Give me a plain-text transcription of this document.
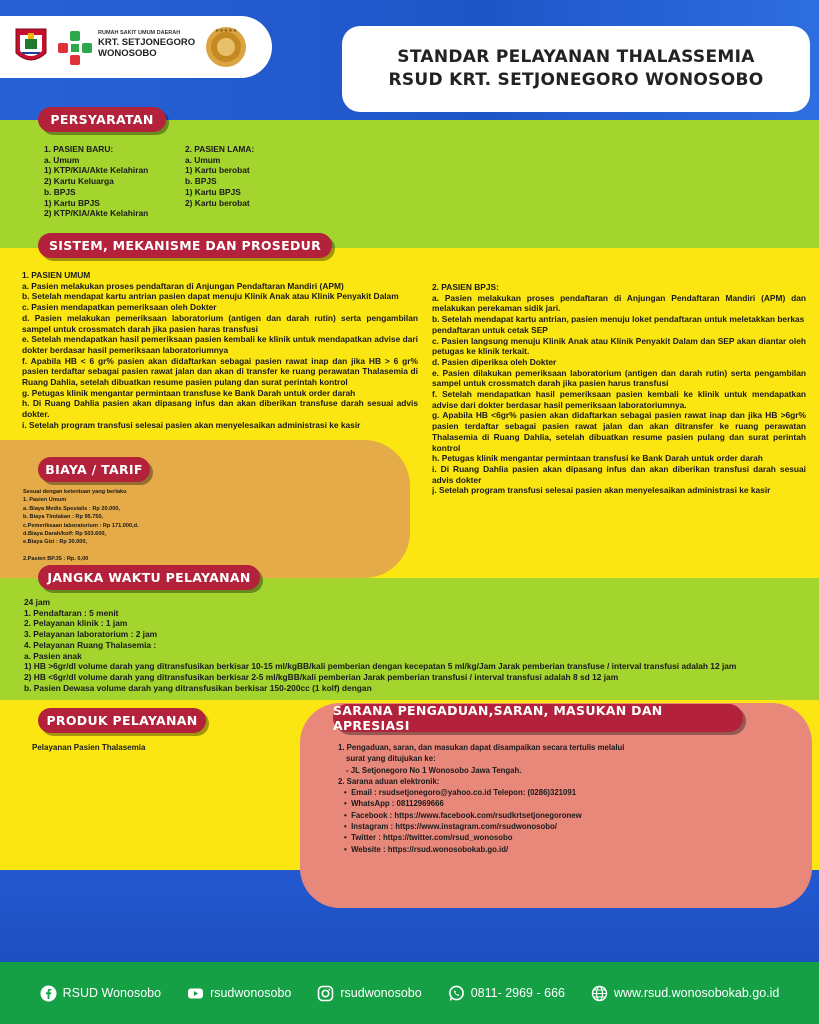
RUMAH SAKIT UMUM DAERAH
KRT. SETJONEGORO
WONOSOBO
★★★★★
STANDAR PELAYANAN THALASSEMIA
RSUD KRT. SETJONEGORO WONOSOBO
PERSYARATAN

1. PASIEN BARU:

a. Umum

1) KTP/KIA/Akte Kelahiran

2) Kartu Keluarga

b. BPJS

1) Kartu BPJS

2) KTP/KIA/Akte Kelahiran

2. PASIEN LAMA:

a. Umum

1) Kartu berobat

b. BPJS

1) Kartu BPJS

2) Kartu berobat

SISTEM, MEKANISME DAN PROSEDUR

1. PASIEN UMUM

a. Pasien melakukan proses pendaftaran di Anjungan Pendaftaran Mandiri (APM)

b. Setelah mendapat kartu antrian pasien dapat menuju Klinik Anak atau Klinik Penyakit Dalam

c. Pasien mendapatkan pemeriksaan oleh Dokter

d. Pasien melakukan pemeriksaan laboratorium (antigen dan darah rutin) serta pengambilan sampel untuk crossmatch darah jika pasien haras transfusi

e. Setelah mendapatkan hasil pemeriksaan pasien kembali ke klinik untuk mendapatkan advise dari dokter berdasar hasil pemeriksaan laboratoriumnya

f. Apabila HB < 6 gr% pasien akan didaftarkan sebagai pasien rawat inap dan jika HB > 6 gr% pasien terdaftar sebagai pasien rawat jalan dan akan di transfer ke ruang perawatan Thalasemia di Ruang Dahlia, setelah dibuatkan resume pasien pulang dan surat perintah kontrol

g. Petugas klinik mengantar permintaan transfuse ke Bank Darah untuk order darah

h. Di Ruang Dahlia pasien akan dipasang infus dan akan diberikan transfuse darah sesuai advis dokter.

i. Setelah program transfusi selesai pasien akan menyelesaikan administrasi ke kasir

2. PASIEN BPJS:

a. Pasien melakukan proses pendaftaran di Anjungan Pendaftaran Mandiri (APM) dan melakukan perekaman sidik jari.

b. Setelah mendapat kartu antrian, pasien menuju loket pendaftaran untuk meletakkan berkas

pendaftaran untuk cetak SEP

c. Pasien langsung menuju Klinik Anak atau Klinik Penyakit Dalam dan SEP akan diantar oleh petugas ke klinik terkait.

d. Pasien diperiksa oleh Dokter

e. Pasien dilakukan pemeriksaan laboratorium (antigen dan darah rutin) serta pengambilan sampel untuk crossmatch darah jika pasien harus transfusi

f. Setelah mendapatkan hasil pemeriksaan pasien kembali ke klinik untuk mendapatkan advise dari dokter berdasar hasil pemeriksaan laboratoriumnya.

g. Apabila HB <6gr% pasien akan didaftarkan sebagai pasien rawat inap dan jika HB >6gr% pasien terdaftar sebagai pasien rawat jalan dan akan ditransfer ke ruang perawatan Thalasemia di Ruang Dahlia, setelah dibuatkan resume pasien pulang dan surat perintah kontrol

h. Petugas klinik mengantar permintaan transfusi ke Bank Darah untuk order darah

i. Di Ruang Dahlia pasien akan dipasang infus dan akan diberikan transfusi darah sesuai advis dokter

j. Setelah program transfusi selesai pasien akan menyelesaikan administrasi ke kasir

BIAYA / TARIF

Sesuai dengan ketentuan yang berlaku

1. Pasien Umum

a. Biaya Medis Spesialis : Rp 20.000,

b. Biaya Tindakan : Rp 95.750,

c.Pemeriksaan laboratorium : Rp 171.000,d.

d.Biaya Darah/kolf: Rp 503.600,

e.Biaya Gizi : Rp 30.000,

2.Pasien BPJS : Rp. 0,00

JANGKA WAKTU PELAYANAN

24 jam

1. Pendaftaran : 5 menit

2. Pelayanan klinik : 1 jam

3. Pelayanan laboratorium : 2 jam

4. Pelayanan Ruang Thalasemia :

a. Pasien anak

1) HB >6gr/dl volume darah yang ditransfusikan berkisar 10-15 ml/kgBB/kali pemberian dengan kecepatan 5 ml/kg/Jam Jarak pemberian transfuse / interval transfusi adalah 12 jam

2) HB <6gr/dl volume darah yang ditransfusikan berkisar 2-5 ml/kgBB/kali pemberian Jarak pemberian transfusi / interval transfusi adalah 8 sd 12 jam

b. Pasien Dewasa volume darah yang ditransfusikan berkisar 150-200cc (1 kolf) dengan

PRODUK PELAYANAN
Pelayanan Pasien Thalasemia
SARANA PENGADUAN,SARAN, MASUKAN DAN APRESIASI

1. Pengaduan, saran, dan masukan dapat disampaikan secara tertulis melalui

surat yang ditujukan ke:

- JL Setjonegoro No 1 Wonosobo Jawa Tengah.

2. Sarana aduan elektronik:

•  Email : rsudsetjonegoro@yahoo.co.id Telepon: (0286)321091

•  WhatsApp : 08112969666

•  Facebook : https://www.facebook.com/rsudkrtsetjonegoronew

•  Instagram : https://www.instagram.com/rsudwonosobo/

•  Twitter : https://twitter.com/rsud_wonosobo

•  Website : https://rsud.wonosobokab.go.id/

RSUD Wonosobo	rsudwonosobo	rsudwonosobo	0811- 2969 - 666	www.rsud.wonosobokab.go.id
